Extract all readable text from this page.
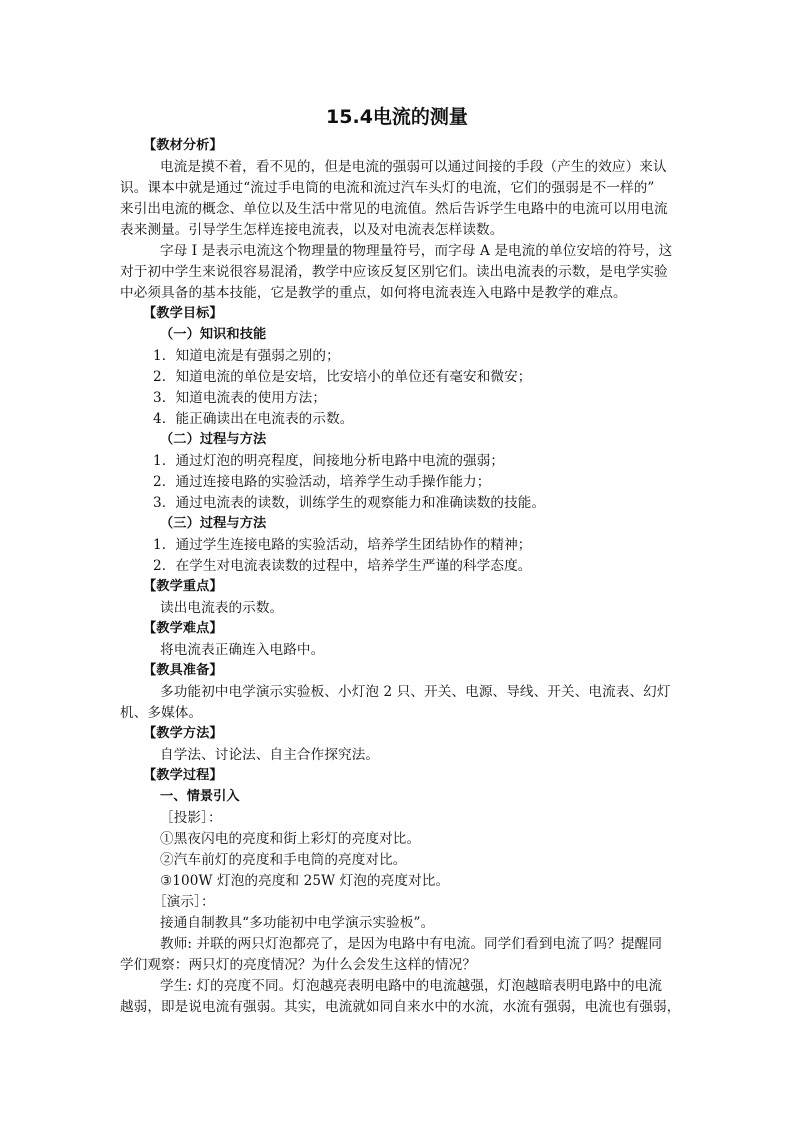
15.4电流的测量
【教材分析】
电流是摸不着，看不见的，但是电流的强弱可以通过间接的手段（产生的效应）来认
识。课本中就是通过“流过手电筒的电流和流过汽车头灯的电流，它们的强弱是不一样的”
来引出电流的概念、单位以及生活中常见的电流值。然后告诉学生电路中的电流可以用电流
表来测量。引导学生怎样连接电流表，以及对电流表怎样读数。
字母 I 是表示电流这个物理量的物理量符号，而字母 A 是电流的单位安培的符号，这
对于初中学生来说很容易混淆，教学中应该反复区别它们。读出电流表的示数，是电学实验
中必须具备的基本技能，它是教学的重点，如何将电流表连入电路中是教学的难点。
【教学目标】
（一）知识和技能
1．知道电流是有强弱之别的；
2．知道电流的单位是安培，比安培小的单位还有毫安和微安；
3．知道电流表的使用方法；
4．能正确读出在电流表的示数。
（二）过程与方法
1．通过灯泡的明亮程度，间接地分析电路中电流的强弱；
2．通过连接电路的实验活动，培养学生动手操作能力；
3．通过电流表的读数，训练学生的观察能力和准确读数的技能。
（三）过程与方法
1．通过学生连接电路的实验活动，培养学生团结协作的精神；
2．在学生对电流表读数的过程中，培养学生严谨的科学态度。
【教学重点】
读出电流表的示数。
【教学难点】
将电流表正确连入电路中。
【教具准备】
多功能初中电学演示实验板、小灯泡 2 只、开关、电源、导线、开关、电流表、幻灯
机、多媒体。
【教学方法】
自学法、讨论法、自主合作探究法。
【教学过程】
一、情景引入
［投影］：
①黑夜闪电的亮度和街上彩灯的亮度对比。
②汽车前灯的亮度和手电筒的亮度对比。
③100W 灯泡的亮度和 25W 灯泡的亮度对比。
［演示］：
接通自制教具“多功能初中电学演示实验板”。
教师: 并联的两只灯泡都亮了，是因为电路中有电流。同学们看到电流了吗？提醒同
学们观察：两只灯的亮度情况？为什么会发生这样的情况？
学生: 灯的亮度不同。灯泡越亮表明电路中的电流越强，灯泡越暗表明电路中的电流
越弱，即是说电流有强弱。其实，电流就如同自来水中的水流，水流有强弱，电流也有强弱，
